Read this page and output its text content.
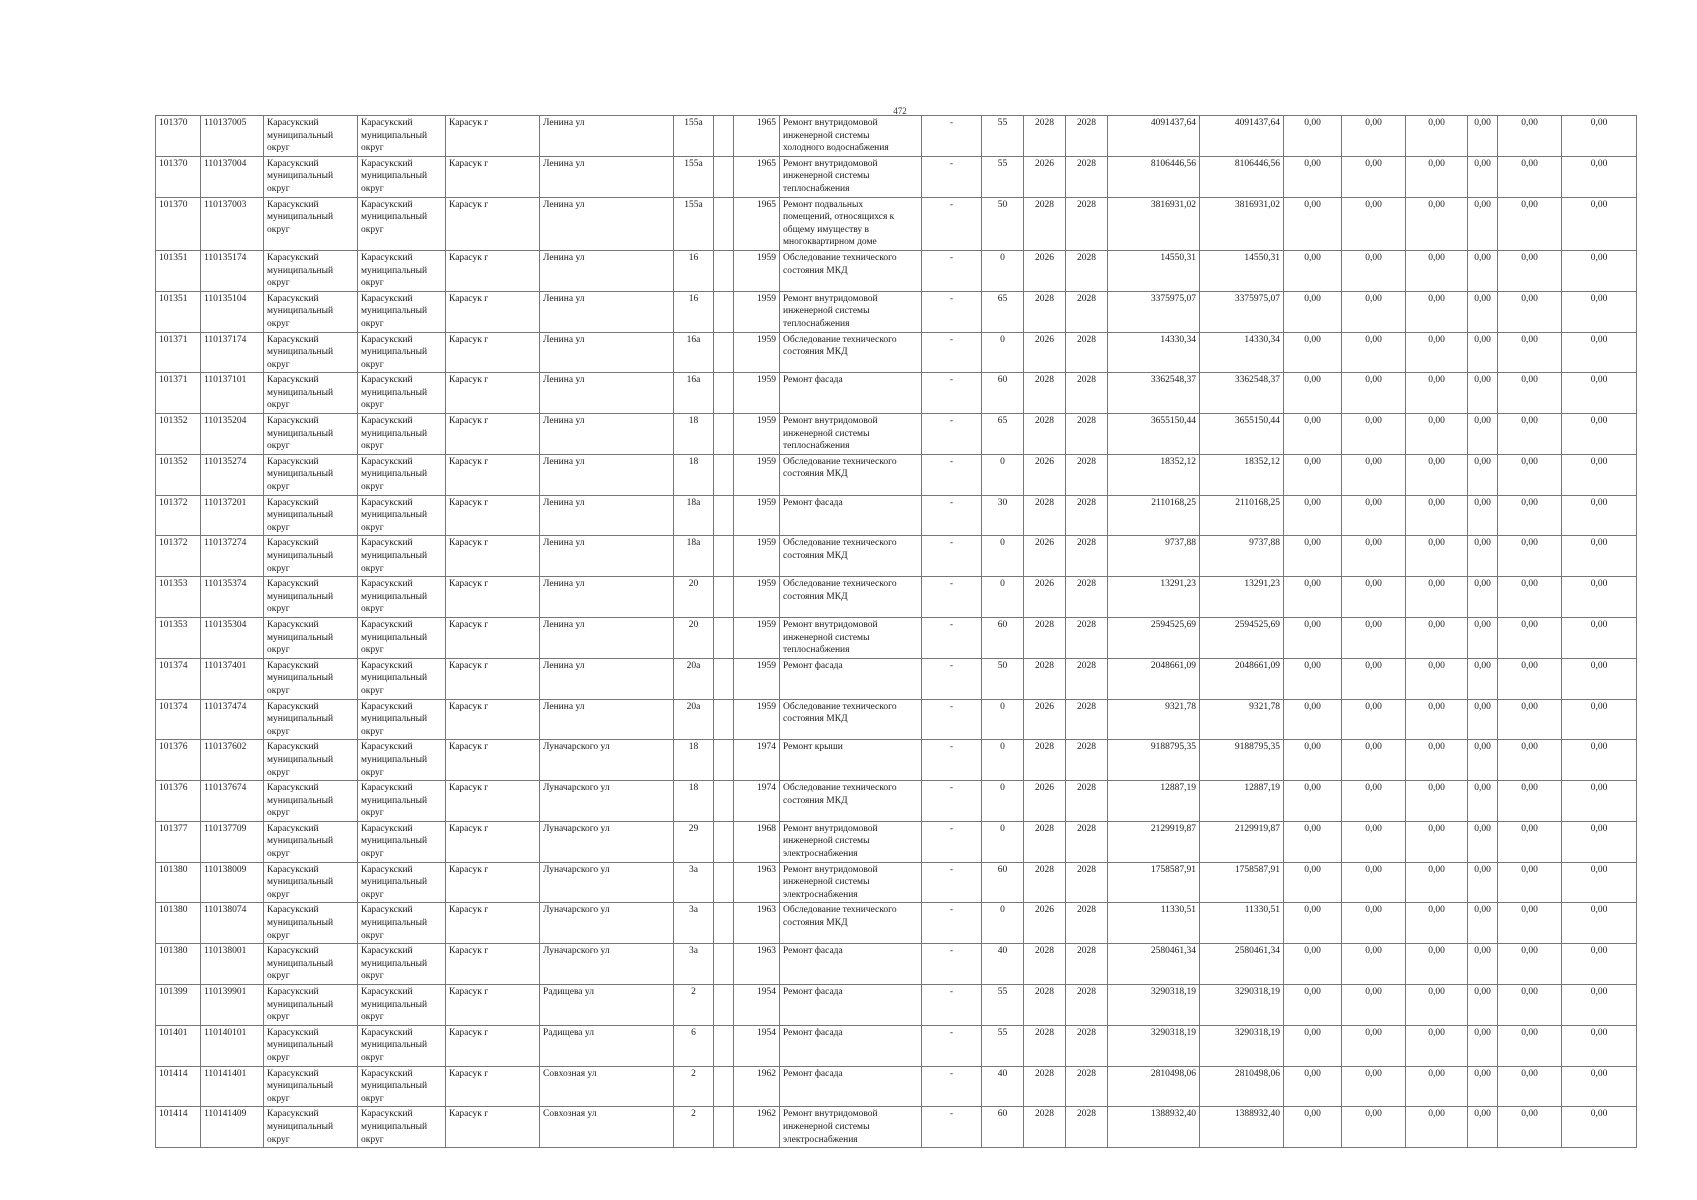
472
101370	110137005	Карасукский
муниципальный
округ	Карасукский
муниципальный
округ	Карасук г	Ленина ул	155а		1965	Ремонт внутридомовой
инженерной системы
холодного водоснабжения	-	55	2028	2028	4091437,64	4091437,64	0,00	0,00	0,00	0,00	0,00	0,00
101370	110137004	Карасукский
муниципальный
округ	Карасукский
муниципальный
округ	Карасук г	Ленина ул	155а		1965	Ремонт внутридомовой
инженерной системы
теплоснабжения	-	55	2026	2028	8106446,56	8106446,56	0,00	0,00	0,00	0,00	0,00	0,00
101370	110137003	Карасукский
муниципальный
округ	Карасукский
муниципальный
округ	Карасук г	Ленина ул	155а		1965	Ремонт подвальных
помещений, относящихся к
общему имуществу в
многоквартирном доме	-	50	2028	2028	3816931,02	3816931,02	0,00	0,00	0,00	0,00	0,00	0,00
101351	110135174	Карасукский
муниципальный
округ	Карасукский
муниципальный
округ	Карасук г	Ленина ул	16		1959	Обследование технического
состояния МКД	-	0	2026	2028	14550,31	14550,31	0,00	0,00	0,00	0,00	0,00	0,00
101351	110135104	Карасукский
муниципальный
округ	Карасукский
муниципальный
округ	Карасук г	Ленина ул	16		1959	Ремонт внутридомовой
инженерной системы
теплоснабжения	-	65	2028	2028	3375975,07	3375975,07	0,00	0,00	0,00	0,00	0,00	0,00
101371	110137174	Карасукский
муниципальный
округ	Карасукский
муниципальный
округ	Карасук г	Ленина ул	16а		1959	Обследование технического
состояния МКД	-	0	2026	2028	14330,34	14330,34	0,00	0,00	0,00	0,00	0,00	0,00
101371	110137101	Карасукский
муниципальный
округ	Карасукский
муниципальный
округ	Карасук г	Ленина ул	16а		1959	Ремонт фасада	-	60	2028	2028	3362548,37	3362548,37	0,00	0,00	0,00	0,00	0,00	0,00
101352	110135204	Карасукский
муниципальный
округ	Карасукский
муниципальный
округ	Карасук г	Ленина ул	18		1959	Ремонт внутридомовой
инженерной системы
теплоснабжения	-	65	2028	2028	3655150,44	3655150,44	0,00	0,00	0,00	0,00	0,00	0,00
101352	110135274	Карасукский
муниципальный
округ	Карасукский
муниципальный
округ	Карасук г	Ленина ул	18		1959	Обследование технического
состояния МКД	-	0	2026	2028	18352,12	18352,12	0,00	0,00	0,00	0,00	0,00	0,00
101372	110137201	Карасукский
муниципальный
округ	Карасукский
муниципальный
округ	Карасук г	Ленина ул	18а		1959	Ремонт фасада	-	30	2028	2028	2110168,25	2110168,25	0,00	0,00	0,00	0,00	0,00	0,00
101372	110137274	Карасукский
муниципальный
округ	Карасукский
муниципальный
округ	Карасук г	Ленина ул	18а		1959	Обследование технического
состояния МКД	-	0	2026	2028	9737,88	9737,88	0,00	0,00	0,00	0,00	0,00	0,00
101353	110135374	Карасукский
муниципальный
округ	Карасукский
муниципальный
округ	Карасук г	Ленина ул	20		1959	Обследование технического
состояния МКД	-	0	2026	2028	13291,23	13291,23	0,00	0,00	0,00	0,00	0,00	0,00
101353	110135304	Карасукский
муниципальный
округ	Карасукский
муниципальный
округ	Карасук г	Ленина ул	20		1959	Ремонт внутридомовой
инженерной системы
теплоснабжения	-	60	2028	2028	2594525,69	2594525,69	0,00	0,00	0,00	0,00	0,00	0,00
101374	110137401	Карасукский
муниципальный
округ	Карасукский
муниципальный
округ	Карасук г	Ленина ул	20а		1959	Ремонт фасада	-	50	2028	2028	2048661,09	2048661,09	0,00	0,00	0,00	0,00	0,00	0,00
101374	110137474	Карасукский
муниципальный
округ	Карасукский
муниципальный
округ	Карасук г	Ленина ул	20а		1959	Обследование технического
состояния МКД	-	0	2026	2028	9321,78	9321,78	0,00	0,00	0,00	0,00	0,00	0,00
101376	110137602	Карасукский
муниципальный
округ	Карасукский
муниципальный
округ	Карасук г	Луначарского ул	18		1974	Ремонт крыши	-	0	2028	2028	9188795,35	9188795,35	0,00	0,00	0,00	0,00	0,00	0,00
101376	110137674	Карасукский
муниципальный
округ	Карасукский
муниципальный
округ	Карасук г	Луначарского ул	18		1974	Обследование технического
состояния МКД	-	0	2026	2028	12887,19	12887,19	0,00	0,00	0,00	0,00	0,00	0,00
101377	110137709	Карасукский
муниципальный
округ	Карасукский
муниципальный
округ	Карасук г	Луначарского ул	29		1968	Ремонт внутридомовой
инженерной системы
электроснабжения	-	0	2028	2028	2129919,87	2129919,87	0,00	0,00	0,00	0,00	0,00	0,00
101380	110138009	Карасукский
муниципальный
округ	Карасукский
муниципальный
округ	Карасук г	Луначарского ул	3а		1963	Ремонт внутридомовой
инженерной системы
электроснабжения	-	60	2028	2028	1758587,91	1758587,91	0,00	0,00	0,00	0,00	0,00	0,00
101380	110138074	Карасукский
муниципальный
округ	Карасукский
муниципальный
округ	Карасук г	Луначарского ул	3а		1963	Обследование технического
состояния МКД	-	0	2026	2028	11330,51	11330,51	0,00	0,00	0,00	0,00	0,00	0,00
101380	110138001	Карасукский
муниципальный
округ	Карасукский
муниципальный
округ	Карасук г	Луначарского ул	3а		1963	Ремонт фасада	-	40	2028	2028	2580461,34	2580461,34	0,00	0,00	0,00	0,00	0,00	0,00
101399	110139901	Карасукский
муниципальный
округ	Карасукский
муниципальный
округ	Карасук г	Радищева ул	2		1954	Ремонт фасада	-	55	2028	2028	3290318,19	3290318,19	0,00	0,00	0,00	0,00	0,00	0,00
101401	110140101	Карасукский
муниципальный
округ	Карасукский
муниципальный
округ	Карасук г	Радищева ул	6		1954	Ремонт фасада	-	55	2028	2028	3290318,19	3290318,19	0,00	0,00	0,00	0,00	0,00	0,00
101414	110141401	Карасукский
муниципальный
округ	Карасукский
муниципальный
округ	Карасук г	Совхозная ул	2		1962	Ремонт фасада	-	40	2028	2028	2810498,06	2810498,06	0,00	0,00	0,00	0,00	0,00	0,00
101414	110141409	Карасукский
муниципальный
округ	Карасукский
муниципальный
округ	Карасук г	Совхозная ул	2		1962	Ремонт внутридомовой
инженерной системы
электроснабжения	-	60	2028	2028	1388932,40	1388932,40	0,00	0,00	0,00	0,00	0,00	0,00
